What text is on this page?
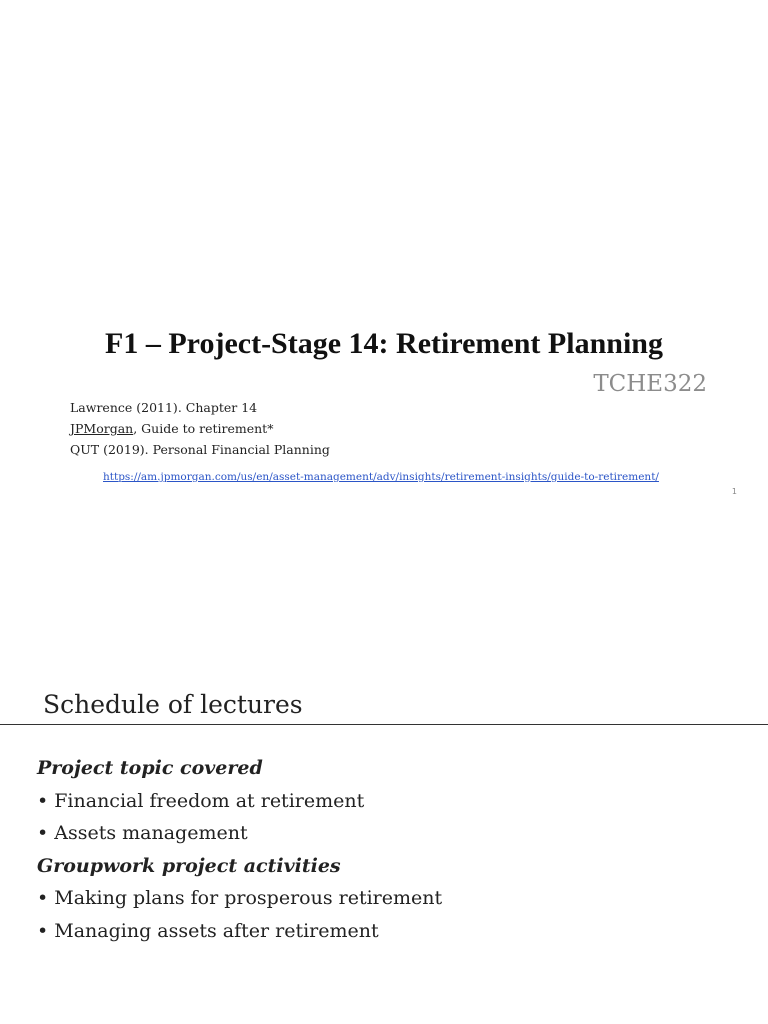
F1 – Project-Stage 14: Retirement Planning
TCHE322
Lawrence (2011). Chapter 14
JPMorgan, Guide to retirement*
QUT (2019). Personal Financial Planning
https://am.jpmorgan.com/us/en/asset-management/adv/insights/retirement-insights/guide-to-retirement/
1
Schedule of lectures
Project topic covered
• Financial freedom at retirement
• Assets management
Groupwork project activities
• Making plans for prosperous retirement
• Managing assets after retirement
